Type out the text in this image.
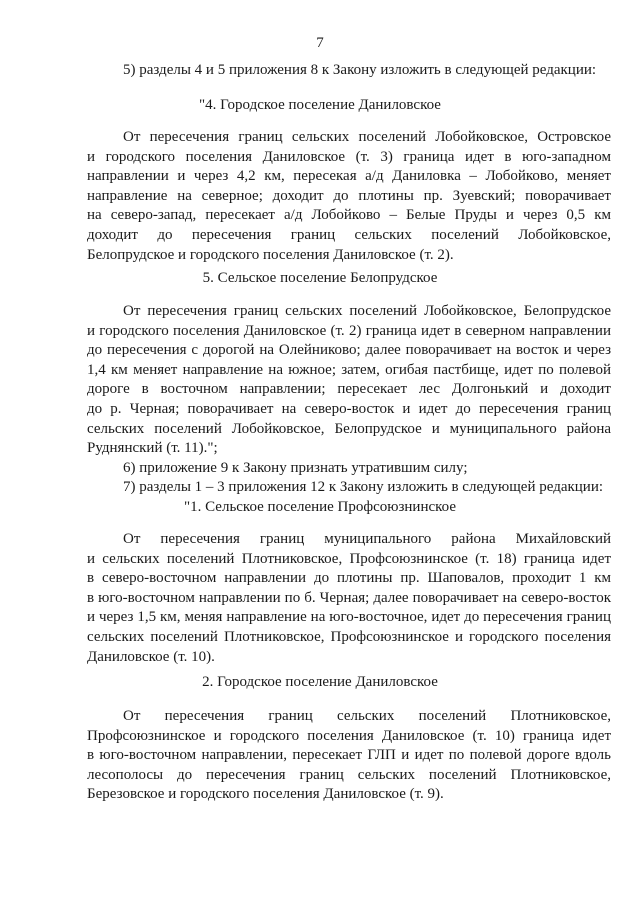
7
5) разделы 4 и 5 приложения 8 к Закону изложить в следующей редакции:
"4. Городское поселение Даниловское
От пересечения границ сельских поселений Лобойковское, Островское
и городского поселения Даниловское (т. 3) граница идет в юго-западном
направлении и через 4,2 км, пересекая а/д Даниловка – Лобойково, меняет
направление на северное; доходит до плотины пр. Зуевский; поворачивает
на северо-запад, пересекает а/д Лобойково – Белые Пруды и через 0,5 км
доходит до пересечения границ сельских поселений Лобойковское,
Белопрудское и городского поселения Даниловское (т. 2).
5. Сельское поселение Белопрудское
От пересечения границ сельских поселений Лобойковское, Белопрудское
и городского поселения Даниловское (т. 2) граница идет в северном направлении
до пересечения с дорогой на Олейниково; далее поворачивает на восток и через
1,4 км меняет направление на южное; затем, огибая пастбище, идет по полевой
дороге в восточном направлении; пересекает лес Долгонький и доходит
до р. Черная; поворачивает на северо-восток и идет до пересечения границ
сельских поселений Лобойковское, Белопрудское и муниципального района
Руднянский (т. 11).";
6) приложение 9 к Закону признать утратившим силу;
7) разделы 1 – 3 приложения 12 к Закону изложить в следующей редакции:
"1. Сельское поселение Профсоюзнинское
От пересечения границ муниципального района Михайловский
и сельских поселений Плотниковское, Профсоюзнинское (т. 18) граница идет
в северо-восточном направлении до плотины пр. Шаповалов, проходит 1 км
в юго-восточном направлении по б. Черная; далее поворачивает на северо-восток
и через 1,5 км, меняя направление на юго-восточное, идет до пересечения границ
сельских поселений Плотниковское, Профсоюзнинское и городского поселения
Даниловское (т. 10).
2. Городское поселение Даниловское
От пересечения границ сельских поселений Плотниковское,
Профсоюзнинское и городского поселения Даниловское (т. 10) граница идет
в юго-восточном направлении, пересекает ГЛП и идет по полевой дороге вдоль
лесополосы до пересечения границ сельских поселений Плотниковское,
Березовское и городского поселения Даниловское (т. 9).
